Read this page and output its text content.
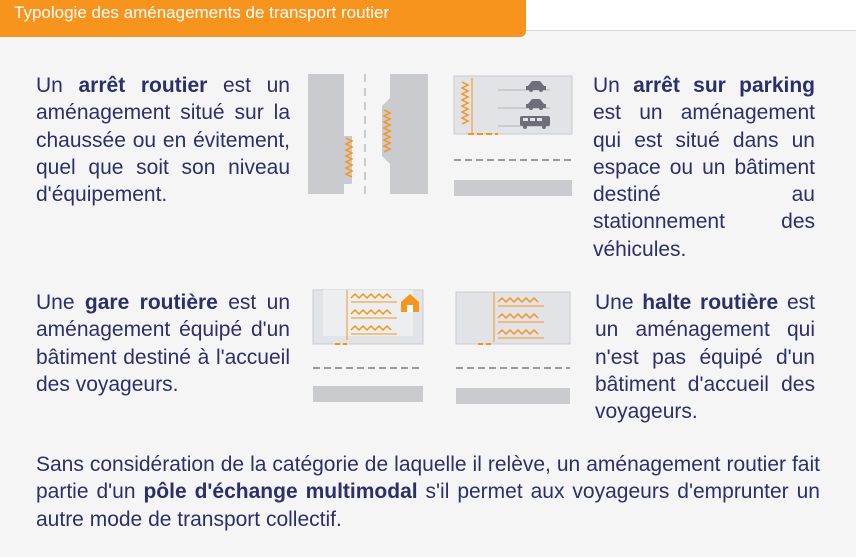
Typologie des aménagements de transport routier
Un arrêt routier est un aménagement situé sur la chaussée ou en évitement, quel que soit son niveau d'équipement.
Un arrêt sur parking est un aménagement qui est situé dans un espace ou un bâtiment destiné au stationnement des véhicules.
Une gare routière est un aménagement équipé d'un bâtiment destiné à l'accueil des voyageurs.
Une halte routière est un aménagement qui n'est pas équipé d'un bâtiment d'accueil des voyageurs.
Sans considération de la catégorie de laquelle il relève, un aménagement routier fait partie d'un pôle d'échange multimodal s'il permet aux voyageurs d'emprunter un autre mode de transport collectif.
